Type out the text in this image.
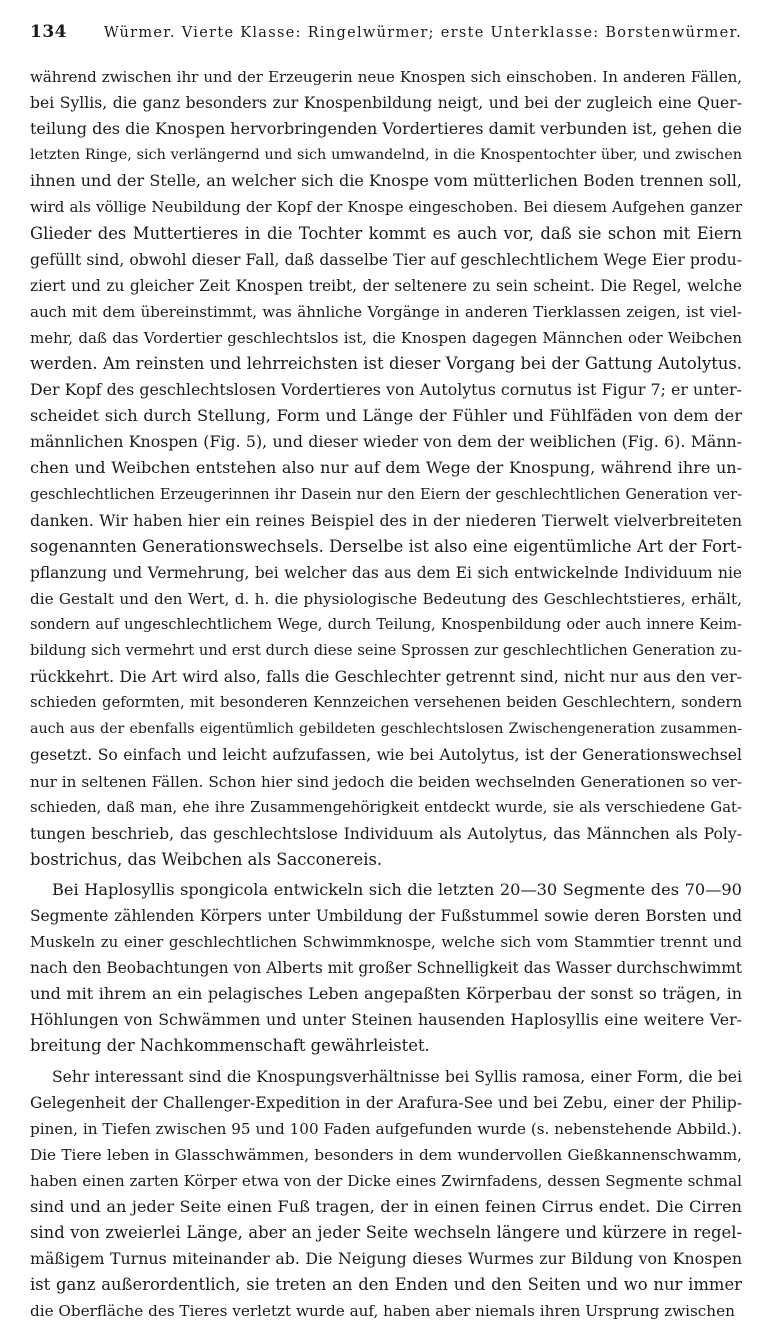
134	Würmer. Vierte Klasse: Ringelwürmer; erste Unterklasse: Borstenwürmer.
während zwischen ihr und der Erzeugerin neue Knospen sich einschoben. In anderen Fällen,
bei Syllis, die ganz besonders zur Knospenbildung neigt, und bei der zugleich eine Quer-
teilung des die Knospen hervorbringenden Vordertieres damit verbunden ist, gehen die
letzten Ringe, sich verlängernd und sich umwandelnd, in die Knospentochter über, und zwischen
ihnen und der Stelle, an welcher sich die Knospe vom mütterlichen Boden trennen soll,
wird als völlige Neubildung der Kopf der Knospe eingeschoben. Bei diesem Aufgehen ganzer
Glieder des Muttertieres in die Tochter kommt es auch vor, daß sie schon mit Eiern
gefüllt sind, obwohl dieser Fall, daß dasselbe Tier auf geschlechtlichem Wege Eier produ-
ziert und zu gleicher Zeit Knospen treibt, der seltenere zu sein scheint. Die Regel, welche
auch mit dem übereinstimmt, was ähnliche Vorgänge in anderen Tierklassen zeigen, ist viel-
mehr, daß das Vordertier geschlechtslos ist, die Knospen dagegen Männchen oder Weibchen
werden. Am reinsten und lehrreichsten ist dieser Vorgang bei der Gattung Autolytus.
Der Kopf des geschlechtslosen Vordertieres von Autolytus cornutus ist Figur 7; er unter-
scheidet sich durch Stellung, Form und Länge der Fühler und Fühlfäden von dem der
männlichen Knospen (Fig. 5), und dieser wieder von dem der weiblichen (Fig. 6). Männ-
chen und Weibchen entstehen also nur auf dem Wege der Knospung, während ihre un-
geschlechtlichen Erzeugerinnen ihr Dasein nur den Eiern der geschlechtlichen Generation ver-
danken. Wir haben hier ein reines Beispiel des in der niederen Tierwelt vielverbreiteten
sogenannten Generationswechsels. Derselbe ist also eine eigentümliche Art der Fort-
pflanzung und Vermehrung, bei welcher das aus dem Ei sich entwickelnde Individuum nie
die Gestalt und den Wert, d. h. die physiologische Bedeutung des Geschlechtstieres, erhält,
sondern auf ungeschlechtlichem Wege, durch Teilung, Knospenbildung oder auch innere Keim-
bildung sich vermehrt und erst durch diese seine Sprossen zur geschlechtlichen Generation zu-
rückkehrt. Die Art wird also, falls die Geschlechter getrennt sind, nicht nur aus den ver-
schieden geformten, mit besonderen Kennzeichen versehenen beiden Geschlechtern, sondern
auch aus der ebenfalls eigentümlich gebildeten geschlechtslosen Zwischengeneration zusammen-
gesetzt. So einfach und leicht aufzufassen, wie bei Autolytus, ist der Generationswechsel
nur in seltenen Fällen. Schon hier sind jedoch die beiden wechselnden Generationen so ver-
schieden, daß man, ehe ihre Zusammengehörigkeit entdeckt wurde, sie als verschiedene Gat-
tungen beschrieb, das geschlechtslose Individuum als Autolytus, das Männchen als Poly-
bostrichus, das Weibchen als Sacconereis.
Bei Haplosyllis spongicola entwickeln sich die letzten 20—30 Segmente des 70—90
Segmente zählenden Körpers unter Umbildung der Fußstummel sowie deren Borsten und
Muskeln zu einer geschlechtlichen Schwimmknospe, welche sich vom Stammtier trennt und
nach den Beobachtungen von Alberts mit großer Schnelligkeit das Wasser durchschwimmt
und mit ihrem an ein pelagisches Leben angepaßten Körperbau der sonst so trägen, in
Höhlungen von Schwämmen und unter Steinen hausenden Haplosyllis eine weitere Ver-
breitung der Nachkommenschaft gewährleistet.
Sehr interessant sind die Knospungsverhältnisse bei Syllis ramosa, einer Form, die bei
Gelegenheit der Challenger-Expedition in der Arafura-See und bei Zebu, einer der Philip-
pinen, in Tiefen zwischen 95 und 100 Faden aufgefunden wurde (s. nebenstehende Abbild.).
Die Tiere leben in Glasschwämmen, besonders in dem wundervollen Gießkannenschwamm,
haben einen zarten Körper etwa von der Dicke eines Zwirnfadens, dessen Segmente schmal
sind und an jeder Seite einen Fuß tragen, der in einen feinen Cirrus endet. Die Cirren
sind von zweierlei Länge, aber an jeder Seite wechseln längere und kürzere in regel-
mäßigem Turnus miteinander ab. Die Neigung dieses Wurmes zur Bildung von Knospen
ist ganz außerordentlich, sie treten an den Enden und den Seiten und wo nur immer
die Oberfläche des Tieres verletzt wurde auf, haben aber niemals ihren Ursprung zwischen
